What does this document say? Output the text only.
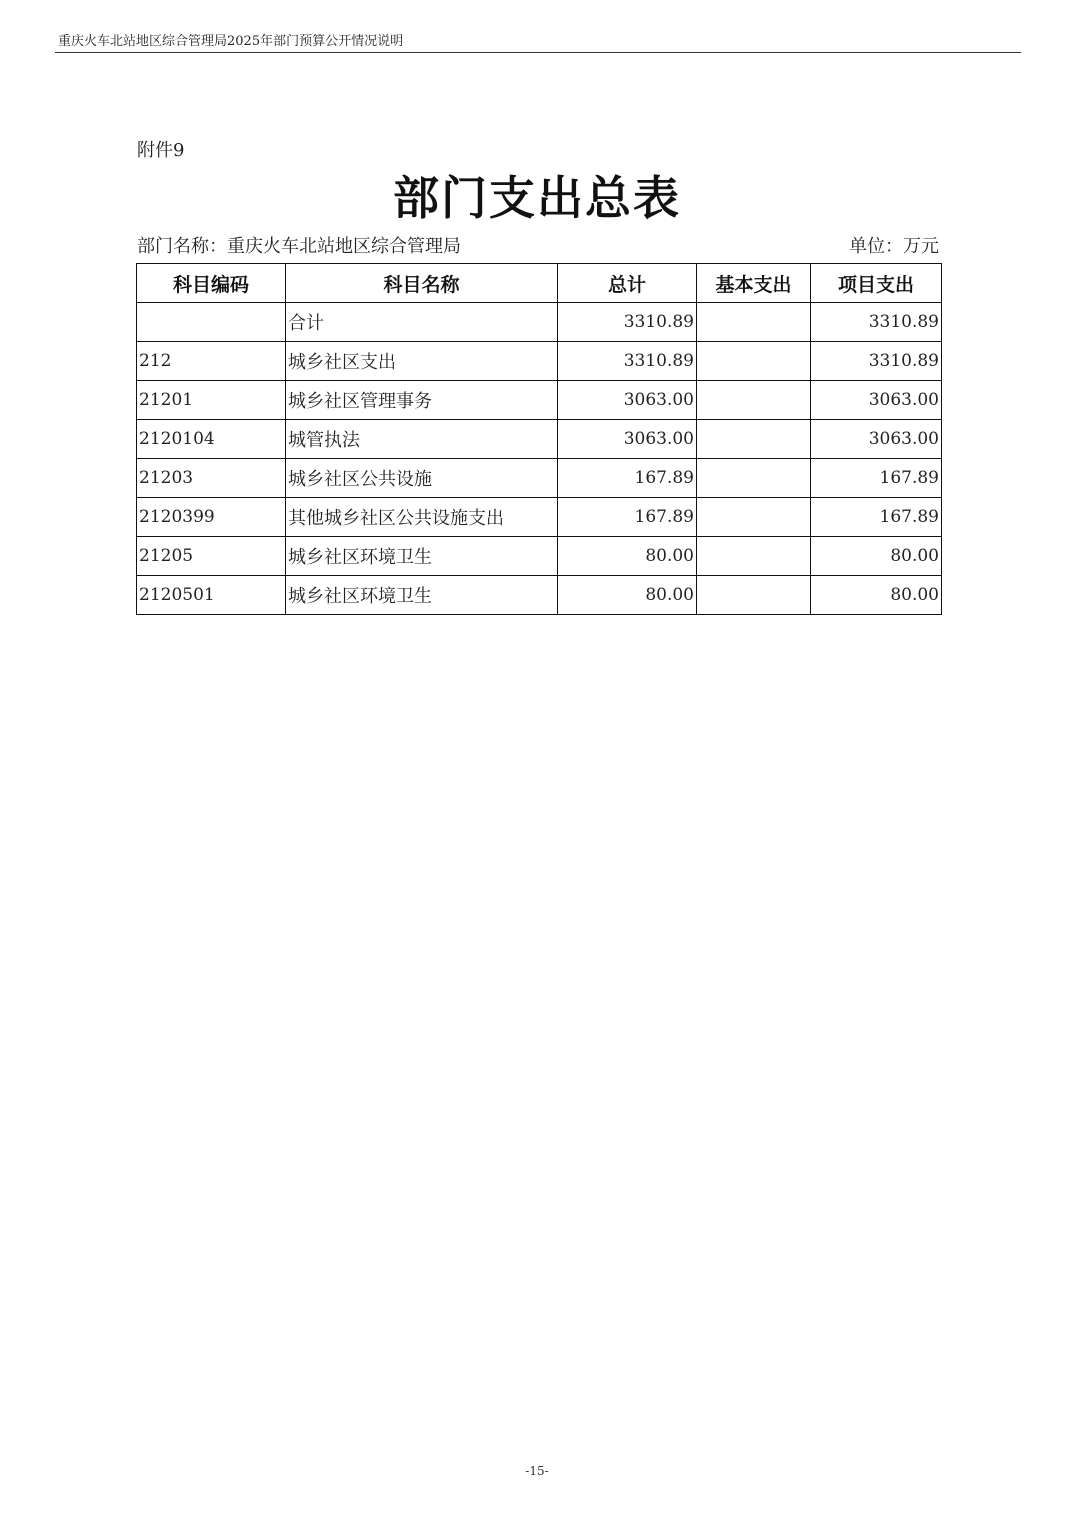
重庆火车北站地区综合管理局2025年部门预算公开情况说明
附件9
部门支出总表
部门名称：重庆火车北站地区综合管理局	单位：万元
科目编码	科目名称	总计	基本支出	项目支出
	合计	3310.89		3310.89
212	城乡社区支出	3310.89		3310.89
21201	城乡社区管理事务	3063.00		3063.00
2120104	城管执法	3063.00		3063.00
21203	城乡社区公共设施	167.89		167.89
2120399	其他城乡社区公共设施支出	167.89		167.89
21205	城乡社区环境卫生	80.00		80.00
2120501	城乡社区环境卫生	80.00		80.00
-15-
